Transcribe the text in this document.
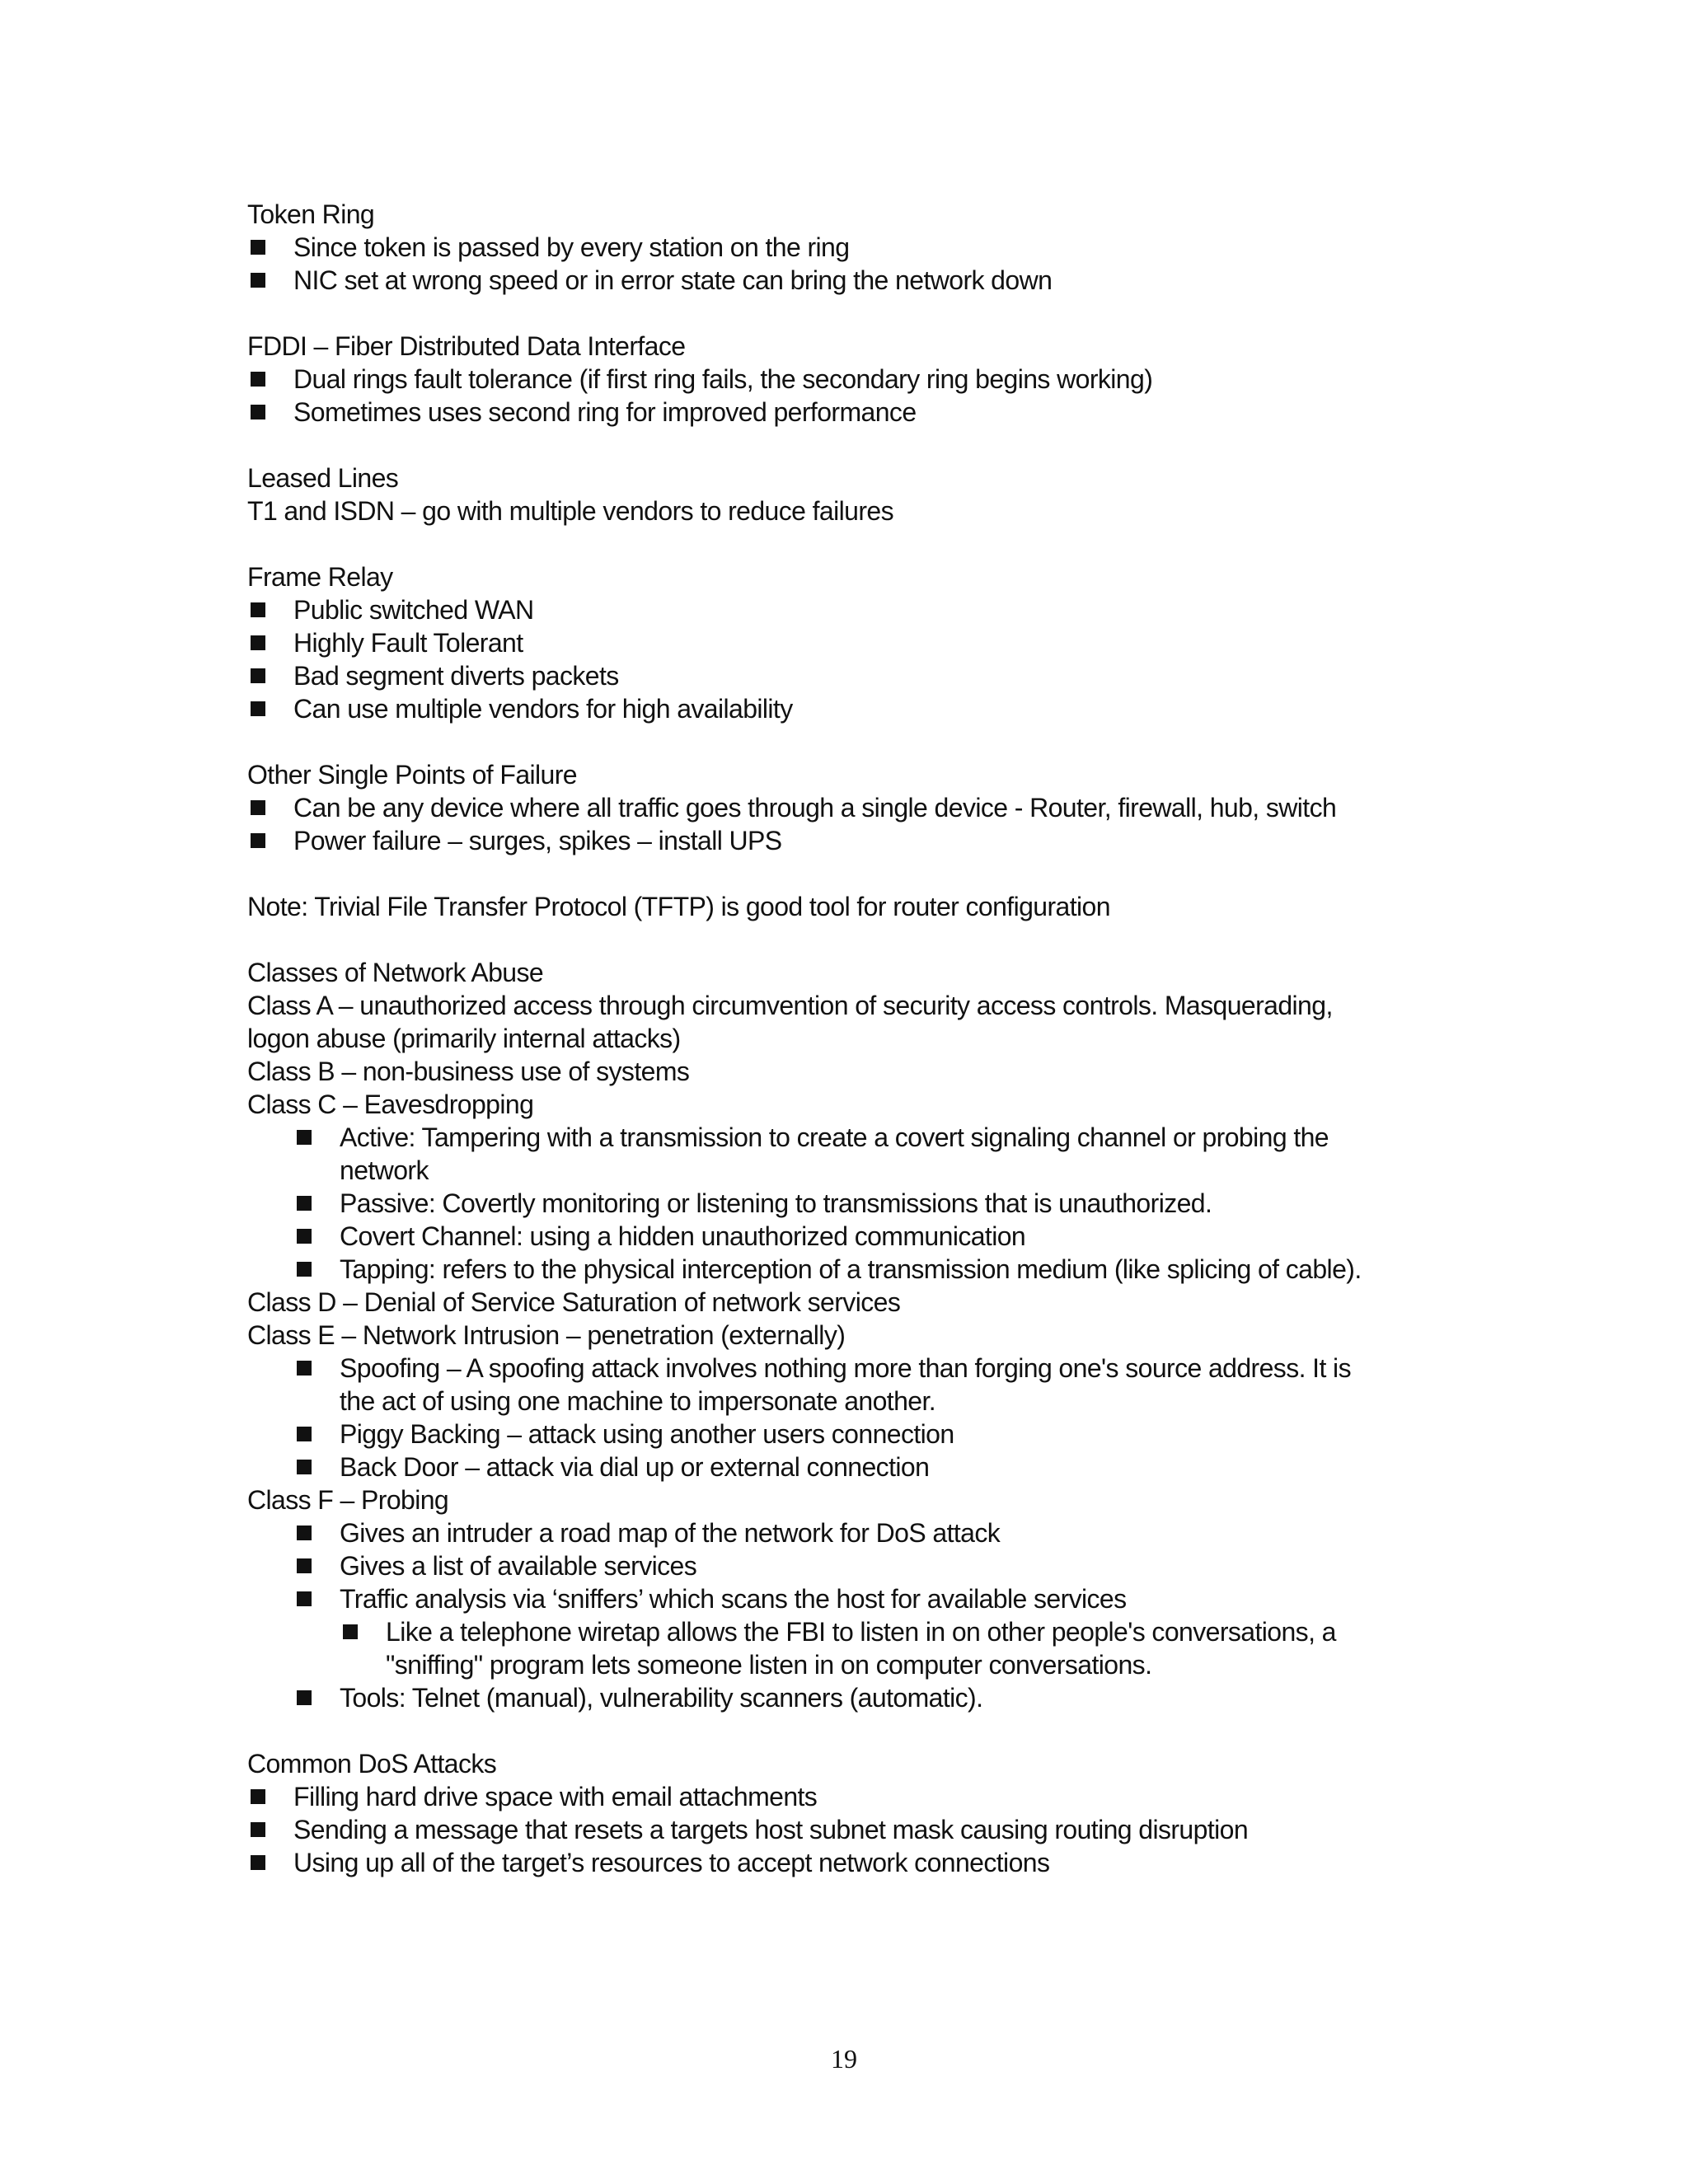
Token Ring

Since token is passed by every station on the ring
NIC set at wrong speed or in error state can bring the network down

FDDI – Fiber Distributed Data Interface

Dual rings fault tolerance (if first ring fails, the secondary ring begins working)
Sometimes uses second ring for improved performance

Leased Lines

T1 and ISDN – go with multiple vendors to reduce failures

Frame Relay

Public switched WAN
Highly Fault Tolerant
Bad segment diverts packets
Can use multiple vendors for high availability

Other Single Points of Failure

Can be any device where all traffic goes through a single device - Router, firewall, hub, switch
Power failure – surges, spikes – install UPS

Note: Trivial File Transfer Protocol (TFTP) is good tool for router configuration

Classes of Network Abuse

Class A – unauthorized access through circumvention of security access controls. Masquerading,

logon abuse (primarily internal attacks)

Class B – non-business use of systems

Class C – Eavesdropping

Active: Tampering with a transmission to create a covert signaling channel or probing the
network
Passive: Covertly monitoring or listening to transmissions that is unauthorized.
Covert Channel: using a hidden unauthorized communication
Tapping: refers to the physical interception of a transmission medium (like splicing of cable).

Class D – Denial of Service Saturation of network services

Class E – Network Intrusion – penetration (externally)

Spoofing – A spoofing attack involves nothing more than forging one's source address. It is
the act of using one machine to impersonate another.
Piggy Backing – attack using another users connection
Back Door – attack via dial up or external connection

Class F – Probing

Gives an intruder a road map of the network for DoS attack
Gives a list of available services
Traffic analysis via ‘sniffers’ which scans the host for available services
Like a telephone wiretap allows the FBI to listen in on other people's conversations, a
"sniffing" program lets someone listen in on computer conversations.
Tools: Telnet (manual), vulnerability scanners (automatic).

Common DoS Attacks

Filling hard drive space with email attachments
Sending a message that resets a targets host subnet mask causing routing disruption
Using up all of the target’s resources to accept network connections
19
